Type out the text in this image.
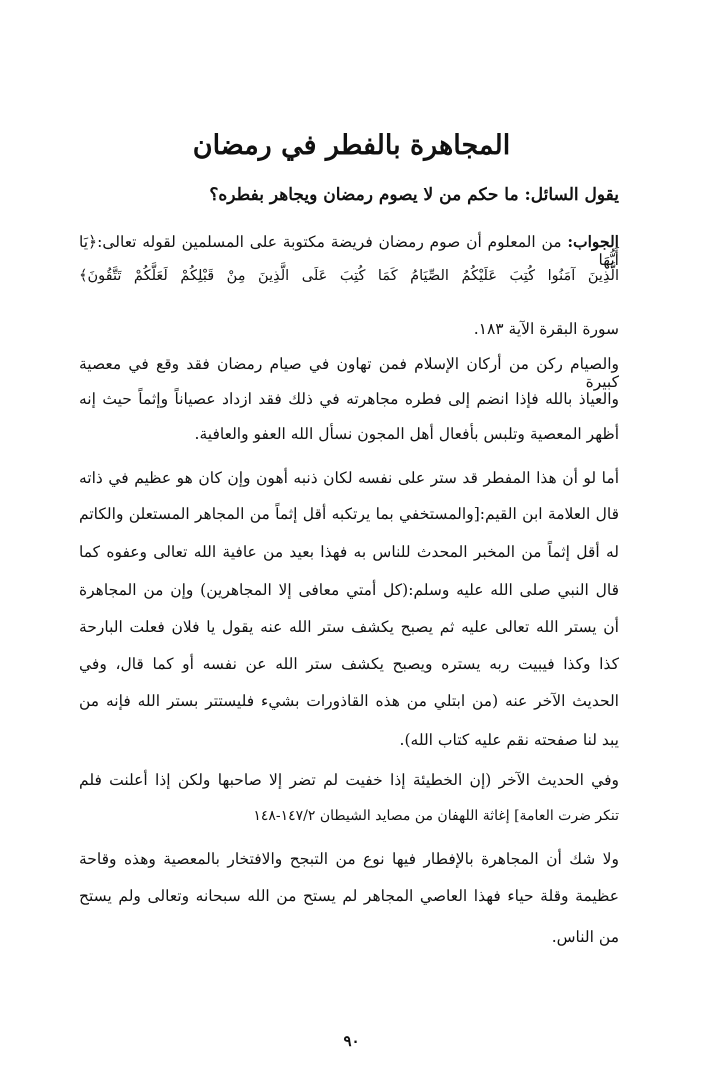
المجاهرة بالفطر في رمضان
يقول السائل: ما حكم من لا يصوم رمضان ويجاهر بفطره؟
الجواب: من المعلوم أن صوم رمضان فريضة مكتوبة على المسلمين لقوله تعالى:﴿يَا أَيُّهَا
الَّذِينَ آمَنُوا كُتِبَ عَلَيْكُمُ الصِّيَامُ كَمَا كُتِبَ عَلَى الَّذِينَ مِنْ قَبْلِكُمْ لَعَلَّكُمْ تَتَّقُونَ﴾
سورة البقرة الآية ١٨٣.
والصيام ركن من أركان الإسلام فمن تهاون في صيام رمضان فقد وقع في معصية كبيرة
والعياذ بالله فإذا انضم إلى فطره مجاهرته في ذلك فقد ازداد عصياناً وإثماً حيث إنه
أظهر المعصية وتلبس بأفعال أهل المجون نسأل الله العفو والعافية.
أما لو أن هذا المفطر قد ستر على نفسه لكان ذنبه أهون وإن كان هو عظيم في ذاته
قال العلامة ابن القيم:[والمستخفي بما يرتكبه أقل إثماً من المجاهر المستعلن والكاتم
له أقل إثماً من المخبر المحدث للناس به فهذا بعيد من عافية الله تعالى وعفوه كما
قال النبي صلى الله عليه وسلم:(كل أمتي معافى إلا المجاهرين) وإن من المجاهرة
أن يستر الله تعالى عليه ثم يصبح يكشف ستر الله عنه يقول يا فلان فعلت البارحة
كذا وكذا فيبيت ربه يستره ويصبح يكشف ستر الله عن نفسه أو كما قال، وفي
الحديث الآخر عنه (من ابتلي من هذه القاذورات بشيء فليستتر بستر الله فإنه من
يبد لنا صفحته نقم عليه كتاب الله).
وفي الحديث الآخر (إن الخطيئة إذا خفيت لم تضر إلا صاحبها ولكن إذا أعلنت فلم
تنكر ضرت العامة] إغاثة اللهفان من مصايد الشيطان ١٤٧/٢-١٤٨
ولا شك أن المجاهرة بالإفطار فيها نوع من التبجح والافتخار بالمعصية وهذه وقاحة
عظيمة وقلة حياء فهذا العاصي المجاهر لم يستح من الله سبحانه وتعالى ولم يستح
من الناس.
٩٠
